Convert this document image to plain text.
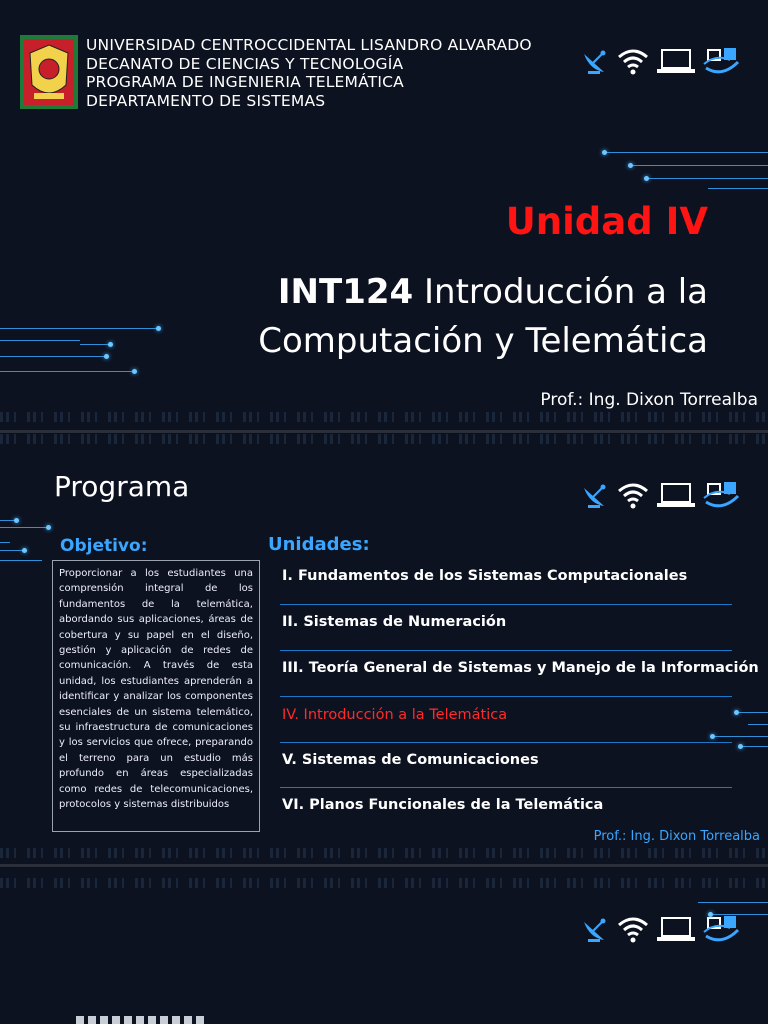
UNIVERSIDAD CENTROCCIDENTAL LISANDRO ALVARADO
DECANATO DE CIENCIAS Y TECNOLOGÍA
PROGRAMA DE INGENIERIA TELEMÁTICA
DEPARTAMENTO DE SISTEMAS
Unidad IV
INT124 Introducción a la
Computación y Telemática
Prof.: Ing. Dixon Torrealba
Programa
Objetivo:
Proporcionar a los estudiantes una comprensión integral de los fundamentos de la telemática, abordando sus aplicaciones, áreas de cobertura y su papel en el diseño, gestión y aplicación de redes de comunicación. A través de esta unidad, los estudiantes aprenderán a identificar y analizar los componentes esenciales de un sistema telemático, su infraestructura de comunicaciones y los servicios que ofrece, preparando el terreno para un estudio más profundo en áreas especializadas como redes de telecomunicaciones, protocolos y sistemas distribuidos
Unidades:
I. Fundamentos de los Sistemas Computacionales
II. Sistemas de Numeración
III. Teoría General de Sistemas y Manejo de la Información
IV. Introducción a la Telemática
V. Sistemas de Comunicaciones
VI. Planos Funcionales de la Telemática
Prof.: Ing. Dixon Torrealba
